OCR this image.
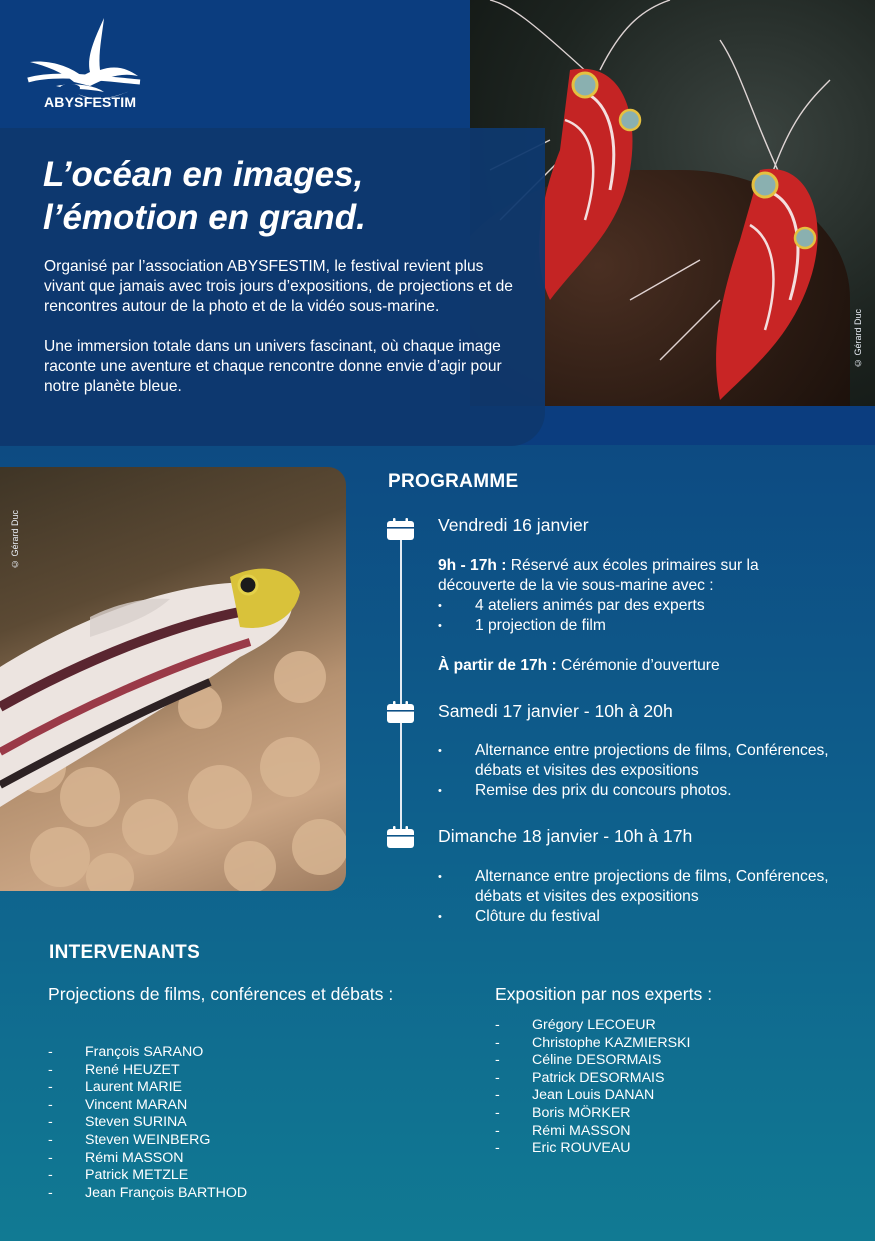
ABYSFESTIM
L’océan en images,
l’émotion en grand.

Organisé par l’association ABYSFESTIM, le festival revient plus vivant que jamais avec trois jours d’expositions, de projections et de rencontres autour de la photo et de la vidéo sous-marine.

Une immersion totale dans un univers fascinant, où chaque image raconte une aventure et chaque rencontre donne envie d’agir pour notre planète bleue.

© Gérard Duc
© Gérard Duc
PROGRAMME
Vendredi 16 janvier
9h - 17h : Réservé aux écoles primaires sur la découverte de la vie sous-marine avec :
• 4 ateliers animés par des experts
• 1 projection de film
À partir de 17h : Cérémonie d’ouverture
Samedi 17 janvier - 10h à 20h
• Alternance entre projections de films, Conférences, débats et visites des expositions
• Remise des prix du concours photos.
Dimanche 18 janvier - 10h à 17h
• Alternance entre projections de films, Conférences, débats et visites des expositions
• Clôture du festival
INTERVENANTS
Projections de films, conférences et débats :
- François SARANO
- René HEUZET
- Laurent MARIE
- Vincent MARAN
- Steven SURINA
- Steven WEINBERG
- Rémi MASSON
- Patrick METZLE
- Jean François BARTHOD
Exposition par nos experts :
- Grégory LECOEUR
- Christophe KAZMIERSKI
- Céline DESORMAIS
- Patrick DESORMAIS
- Jean Louis DANAN
- Boris MÖRKER
- Rémi MASSON
- Eric ROUVEAU
